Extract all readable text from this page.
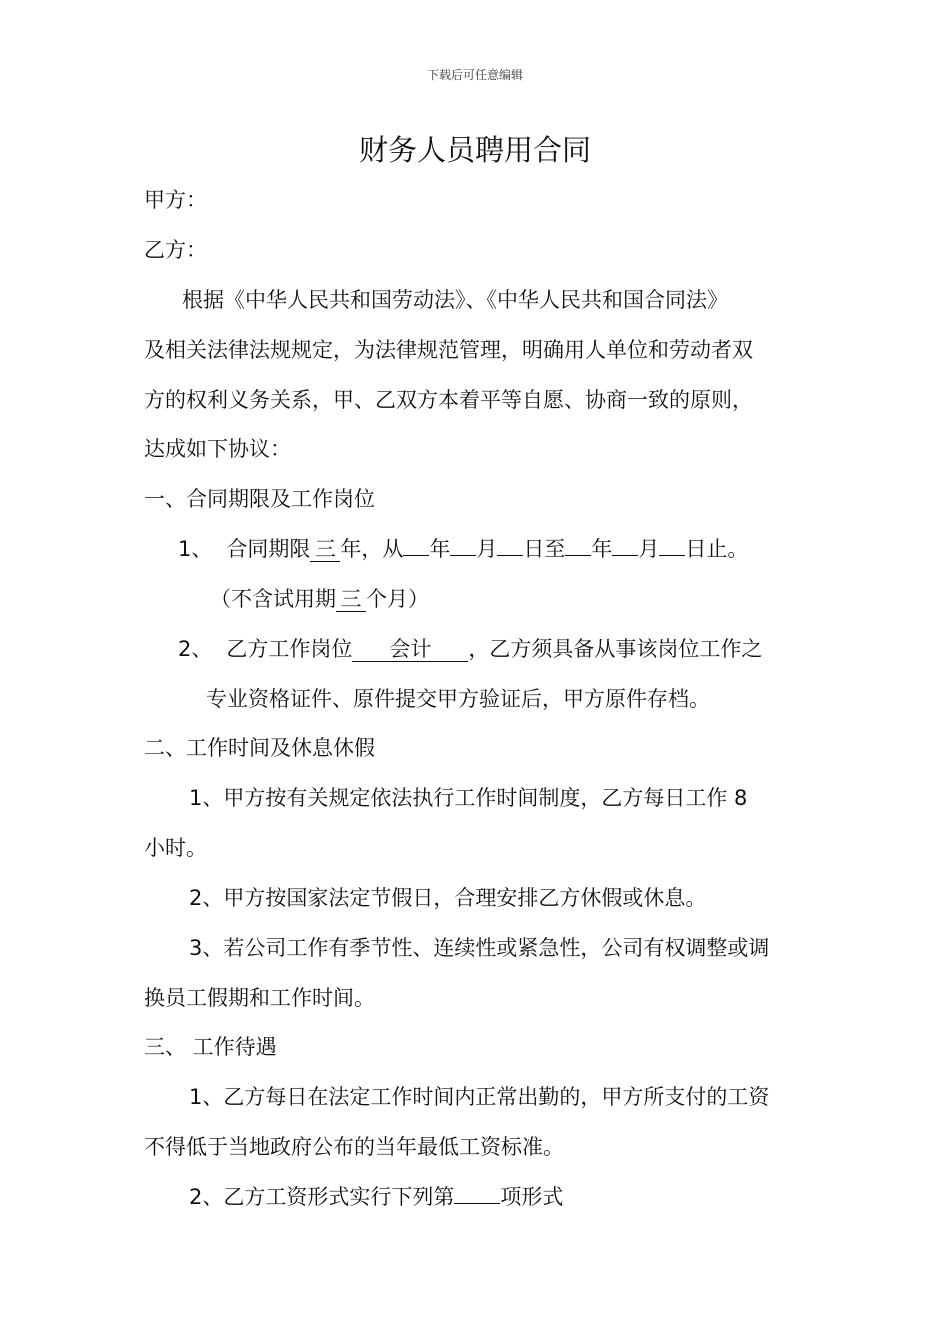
下载后可任意编辑
财务人员聘用合同
甲方：
乙方：
根据《中华人民共和国劳动法》、《中华人民共和国合同法》
及相关法律法规规定，为法律规范管理，明确用人单位和劳动者双
方的权利义务关系，甲、乙双方本着平等自愿、协商一致的原则，
达成如下协议：
一、合同期限及工作岗位
1、 合同期限 三 年，从 年 月 日至 年 月 日止。
（不含试用期 三 个月）
2、 乙方工作岗位 会计 ，乙方须具备从事该岗位工作之
专业资格证件、原件提交甲方验证后，甲方原件存档。
二、工作时间及休息休假
1、甲方按有关规定依法执行工作时间制度，乙方每日工作 8
小时。
2、甲方按国家法定节假日，合理安排乙方休假或休息。
3、若公司工作有季节性、连续性或紧急性，公司有权调整或调
换员工假期和工作时间。
三、 工作待遇
1、乙方每日在法定工作时间内正常出勤的，甲方所支付的工资
不得低于当地政府公布的当年最低工资标准。
2、乙方工资形式实行下列第 项形式
